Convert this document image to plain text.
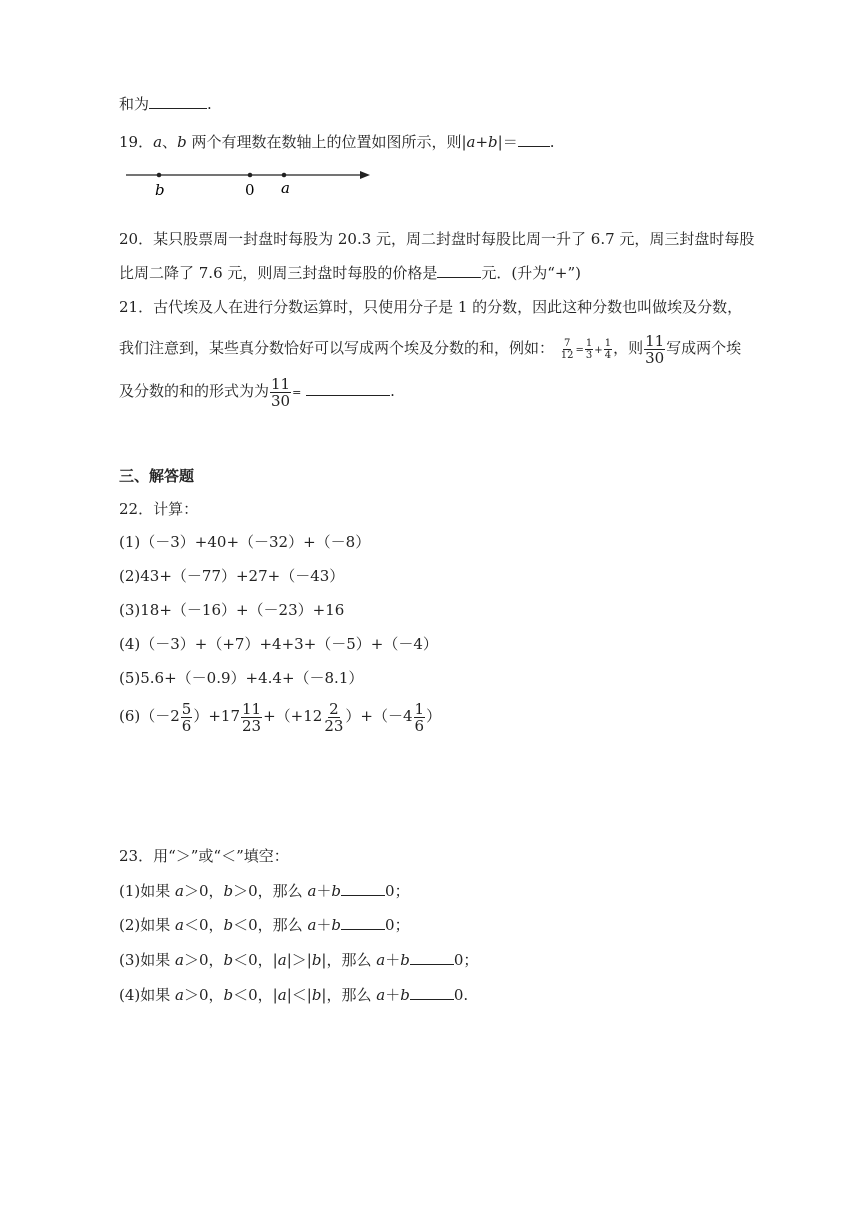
和为	.
19．a、b 两个有理数在数轴上的位置如图所示，则|a+b|＝ .
b	0 a
20．某只股票周一封盘时每股为 20.3 元，周二封盘时每股比周一升了 6.7 元，周三封盘时每股
比周二降了 7.6 元，则周三封盘时每股的价格是	元．(升为“+”)
21．古代埃及人在进行分数运算时，只使用分子是 1 的分数，因此这种分数也叫做埃及分数，
我们注意到，某些真分数恰好可以写成两个埃及分数的和，例如： $\frac{7}{12} = \frac{1}{3} + \frac{1}{4}$ ，则 $\frac{11}{30}$ 写成两个埃
及分数的和的形式为为 $\frac{11}{30}$ =	.
三、解答题
22．计算：
(1)（－3）+40+（－32）+（－8）
(2)43+（－77）+27+（－43）
(3)18+（－16）+（－23）+16
(4)（－3）+（+7）+4+3+（－5）+（－4）
(5)5.6+（－0.9）+4.4+（－8.1）
$(6)(-2 \frac{5}{6} )+17 \frac{11}{23} +(+12 \frac{2}{23} )+(-4 \frac{1}{6}$ ）
23．用“＞”或“＜”填空：
(1)如果 a＞0，b＞0，那么 a＋b	0；
(2)如果 a＜0，b＜0，那么 a＋b	0；
(3)如果 a＞0，b＜0，|a|＞|b|，那么 a＋b	0；
(4)如果 a＞0，b＜0，|a|＜|b|，那么 a＋b	0.
